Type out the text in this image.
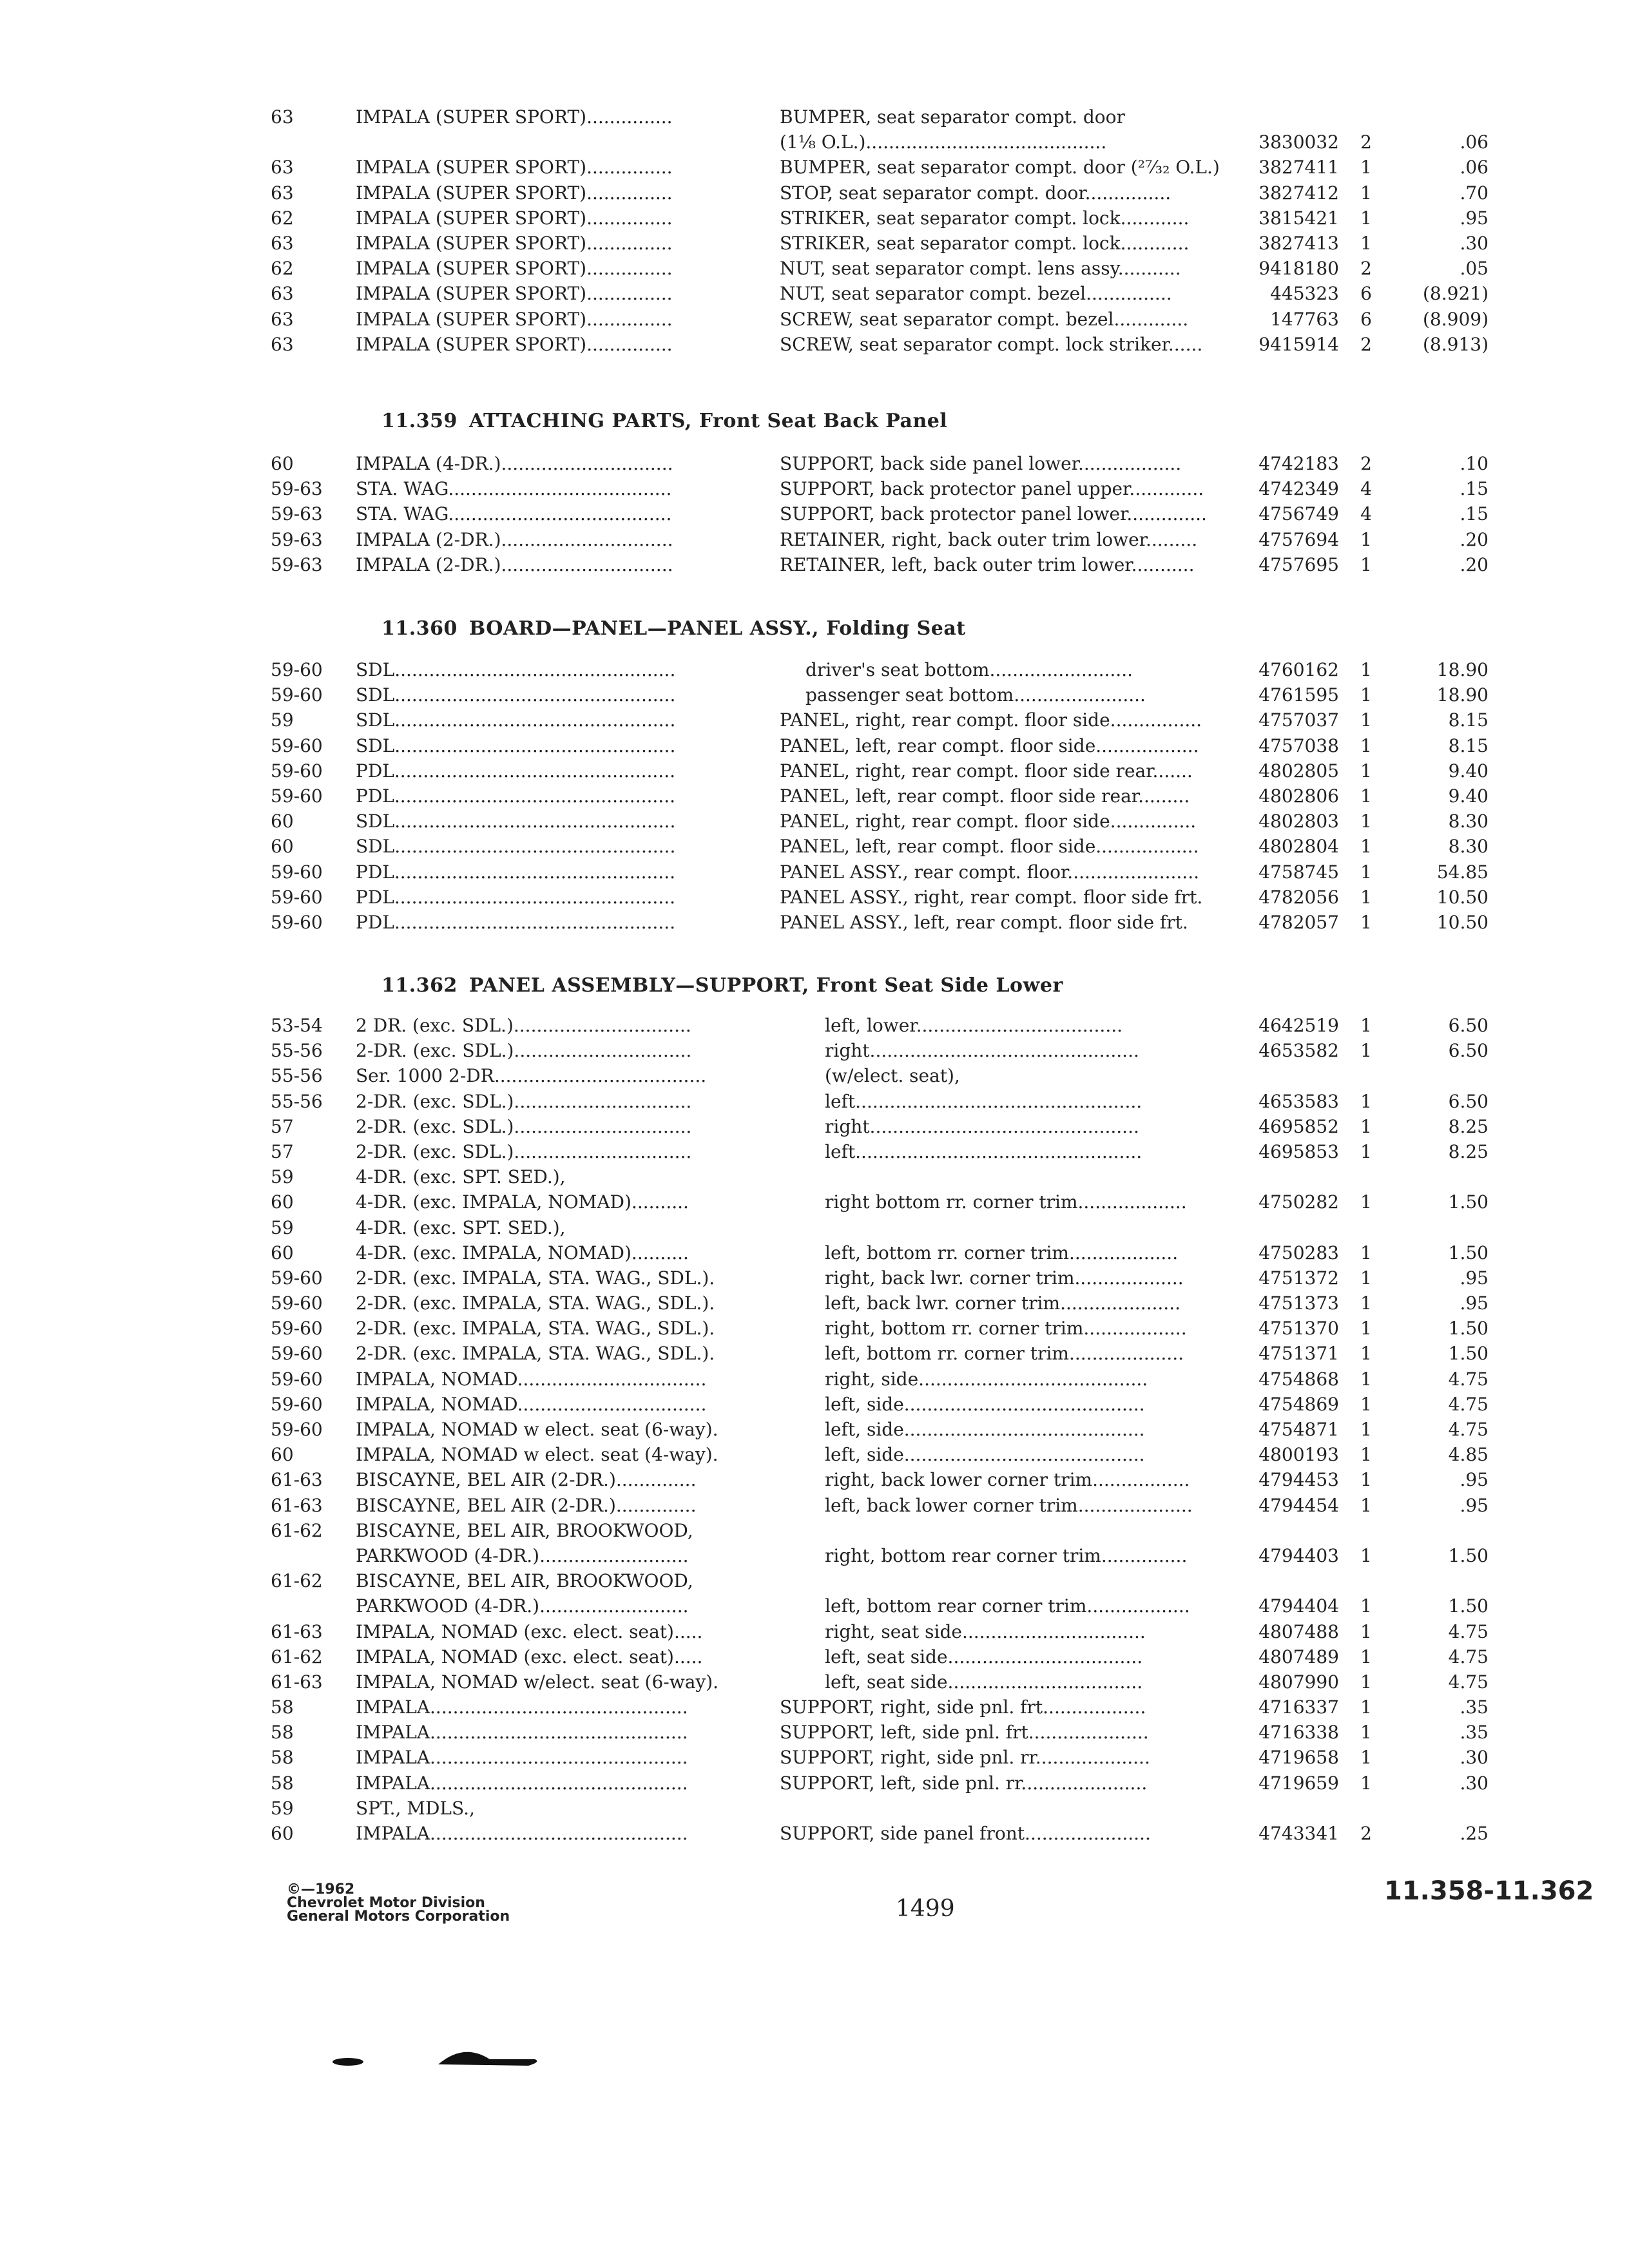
63	IMPALA (SUPER SPORT)...............	BUMPER, seat separator compt. door
(1⅛ O.L.)..........................................	3830032	2	.06
63	IMPALA (SUPER SPORT)...............	BUMPER, seat separator compt. door (²⁷⁄₃₂ O.L.)	3827411	1	.06
63	IMPALA (SUPER SPORT)...............	STOP, seat separator compt. door...............	3827412	1	.70
62	IMPALA (SUPER SPORT)...............	STRIKER, seat separator compt. lock............	3815421	1	.95
63	IMPALA (SUPER SPORT)...............	STRIKER, seat separator compt. lock............	3827413	1	.30
62	IMPALA (SUPER SPORT)...............	NUT, seat separator compt. lens assy...........	9418180	2	.05
63	IMPALA (SUPER SPORT)...............	NUT, seat separator compt. bezel...............	445323	6	(8.921)
63	IMPALA (SUPER SPORT)...............	SCREW, seat separator compt. bezel.............	147763	6	(8.909)
63	IMPALA (SUPER SPORT)...............	SCREW, seat separator compt. lock striker......	9415914	2	(8.913)
11.359 ATTACHING PARTS, Front Seat Back Panel
60	IMPALA (4-DR.)..............................	SUPPORT, back side panel lower..................	4742183	2	.10
59-63 STA. WAG.......................................	SUPPORT, back protector panel upper.............	4742349	4	.15
59-63 STA. WAG.......................................	SUPPORT, back protector panel lower..............	4756749	4	.15
59-63 IMPALA (2-DR.)..............................	RETAINER, right, back outer trim lower.........	4757694	1	.20
59-63 IMPALA (2-DR.)..............................	RETAINER, left, back outer trim lower...........	4757695	1	.20
11.360 BOARD—PANEL—PANEL ASSY., Folding Seat
59-60 SDL.................................................	driver's seat bottom.........................	4760162	1	18.90
59-60 SDL.................................................	passenger seat bottom.......................	4761595	1	18.90
59	SDL.................................................	PANEL, right, rear compt. floor side................	4757037	1	8.15
59-60 SDL.................................................	PANEL, left, rear compt. floor side..................	4757038	1	8.15
59-60 PDL.................................................	PANEL, right, rear compt. floor side rear.......	4802805	1	9.40
59-60 PDL.................................................	PANEL, left, rear compt. floor side rear.........	4802806	1	9.40
60	SDL.................................................	PANEL, right, rear compt. floor side...............	4802803	1	8.30
60	SDL.................................................	PANEL, left, rear compt. floor side..................	4802804	1	8.30
59-60 PDL.................................................	PANEL ASSY., rear compt. floor.......................	4758745	1	54.85
59-60 PDL.................................................	PANEL ASSY., right, rear compt. floor side frt.	4782056	1	10.50
59-60 PDL.................................................	PANEL ASSY., left, rear compt. floor side frt.	4782057	1	10.50
11.362 PANEL ASSEMBLY—SUPPORT, Front Seat Side Lower
53-54 2 DR. (exc. SDL.)...............................	left, lower....................................	4642519	1	6.50
55-56 2-DR. (exc. SDL.)...............................	right...............................................	4653582	1	6.50
55-56 Ser. 1000 2-DR.....................................	(w/elect. seat),
55-56 2-DR. (exc. SDL.)...............................	left..................................................	4653583	1	6.50
57	2-DR. (exc. SDL.)...............................	right...............................................	4695852	1	8.25
57	2-DR. (exc. SDL.)...............................	left..................................................	4695853	1	8.25
59	4-DR. (exc. SPT. SED.),
60	4-DR. (exc. IMPALA, NOMAD)..........	right bottom rr. corner trim...................	4750282	1	1.50
59	4-DR. (exc. SPT. SED.),
60	4-DR. (exc. IMPALA, NOMAD)..........	left, bottom rr. corner trim...................	4750283	1	1.50
59-60 2-DR. (exc. IMPALA, STA. WAG., SDL.).	right, back lwr. corner trim...................	4751372	1	.95
59-60 2-DR. (exc. IMPALA, STA. WAG., SDL.).	left, back lwr. corner trim.....................	4751373	1	.95
59-60 2-DR. (exc. IMPALA, STA. WAG., SDL.).	right, bottom rr. corner trim..................	4751370	1	1.50
59-60 2-DR. (exc. IMPALA, STA. WAG., SDL.).	left, bottom rr. corner trim....................	4751371	1	1.50
59-60 IMPALA, NOMAD.................................	right, side........................................	4754868	1	4.75
59-60 IMPALA, NOMAD.................................	left, side..........................................	4754869	1	4.75
59-60 IMPALA, NOMAD w elect. seat (6-way).	left, side..........................................	4754871	1	4.75
60	IMPALA, NOMAD w elect. seat (4-way).	left, side..........................................	4800193	1	4.85
61-63 BISCAYNE, BEL AIR (2-DR.)..............	right, back lower corner trim.................	4794453	1	.95
61-63 BISCAYNE, BEL AIR (2-DR.)..............	left, back lower corner trim....................	4794454	1	.95
61-62 BISCAYNE, BEL AIR, BROOKWOOD,
PARKWOOD (4-DR.)..........................	right, bottom rear corner trim...............	4794403	1	1.50
61-62 BISCAYNE, BEL AIR, BROOKWOOD,
PARKWOOD (4-DR.)..........................	left, bottom rear corner trim..................	4794404	1	1.50
61-63 IMPALA, NOMAD (exc. elect. seat).....	right, seat side................................	4807488	1	4.75
61-62 IMPALA, NOMAD (exc. elect. seat).....	left, seat side..................................	4807489	1	4.75
61-63 IMPALA, NOMAD w/elect. seat (6-way).	left, seat side..................................	4807990	1	4.75
58	IMPALA.............................................	SUPPORT, right, side pnl. frt..................	4716337	1	.35
58	IMPALA.............................................	SUPPORT, left, side pnl. frt.....................	4716338	1	.35
58	IMPALA.............................................	SUPPORT, right, side pnl. rr....................	4719658	1	.30
58	IMPALA.............................................	SUPPORT, left, side pnl. rr......................	4719659	1	.30
59	SPT., MDLS.,
60	IMPALA.............................................	SUPPORT, side panel front......................	4743341	2	.25
©—1962
Chevrolet Motor Division
General Motors Corporation	1499
11.358-11.362
